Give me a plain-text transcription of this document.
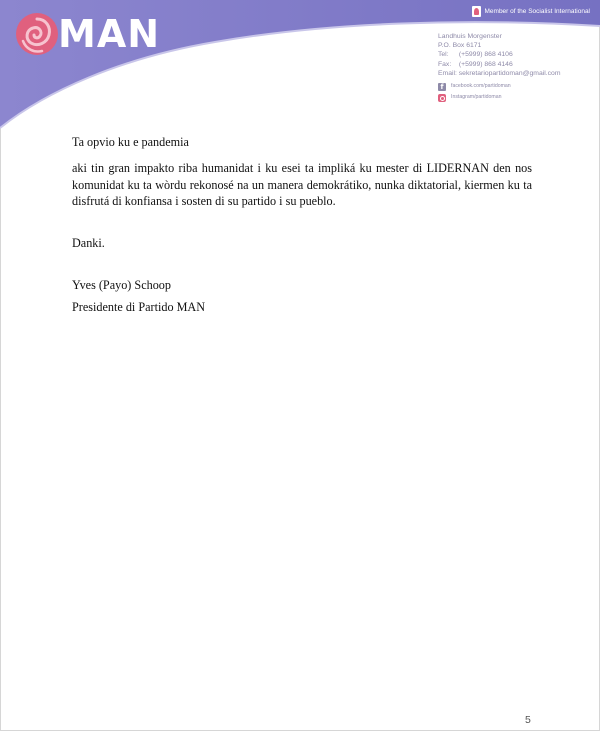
MAN
Member of the Socialist International
Landhuis Morgenster
P.O. Box 6171
Tel: (+5999) 868 4106
Fax: (+5999) 868 4146
Email: sekretariopartidoman@gmail.com
f	facebook.com/partidoman
Instagram/partidoman

Ta opvio ku e pandemia

aki tin gran impakto riba humanidat i ku esei ta impliká ku mester di LIDERNAN den nos komunidat ku ta wòrdu rekonosé na un manera demokrátiko, nunka diktatorial, kiermen ku ta disfrutá di konfiansa i sosten di su partido i su pueblo.

Danki.

Yves (Payo) Schoop

Presidente di Partido MAN

5
